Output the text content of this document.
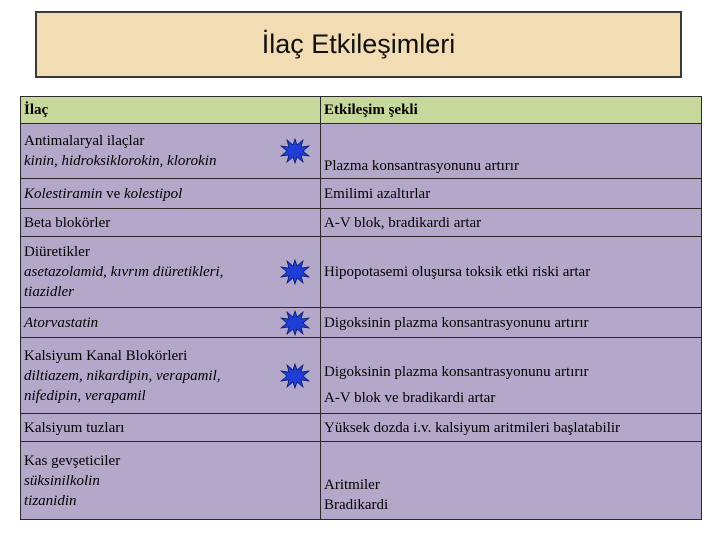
İlaç Etkileşimleri
İlaç	Etkileşim şekli

Antimalaryal ilaçlar
kinin, hidroksiklorokin, klorokin	Plazma konsantrasyonunu artırır

Kolestiramin ve kolestipol	Emilimi azaltırlar

Beta blokörler	A-V blok, bradikardi artar

Diüretikler
asetazolamid, kıvrım diüretikleri, tiazidler	Hipopotasemi oluşursa toksik etki riski artar

Atorvastatin	Digoksinin plazma konsantrasyonunu artırır

Kalsiyum Kanal Blokörleri
diltiazem, nikardipin, verapamil, nifedipin, verapamil	Digoksinin plazma konsantrasyonunu artırır
A-V blok ve bradikardi artar

Kalsiyum tuzları	Yüksek dozda i.v. kalsiyum aritmileri başlatabilir

Kas gevşeticiler
süksinilkolin
tizanidin	Aritmiler
Bradikardi
